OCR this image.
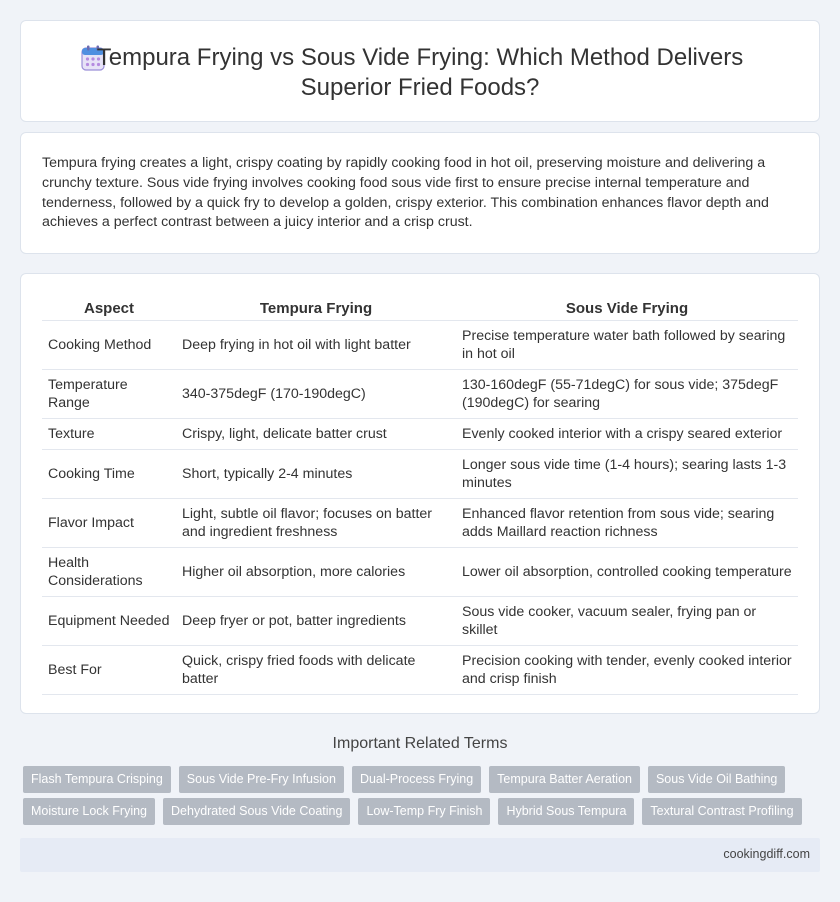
Tempura Frying vs Sous Vide Frying: Which Method Delivers Superior Fried Foods?

Tempura frying creates a light, crispy coating by rapidly cooking food in hot oil, preserving moisture and delivering a crunchy texture. Sous vide frying involves cooking food sous vide first to ensure precise internal temperature and tenderness, followed by a quick fry to develop a golden, crispy exterior. This combination enhances flavor depth and achieves a perfect contrast between a juicy interior and a crisp crust.

Aspect	Tempura Frying	Sous Vide Frying
Cooking Method	Deep frying in hot oil with light batter	Precise temperature water bath followed by searing in hot oil
Temperature Range	340-375degF (170-190degC)	130-160degF (55-71degC) for sous vide; 375degF (190degC) for searing
Texture	Crispy, light, delicate batter crust	Evenly cooked interior with a crispy seared exterior
Cooking Time	Short, typically 2-4 minutes	Longer sous vide time (1-4 hours); searing lasts 1-3 minutes
Flavor Impact	Light, subtle oil flavor; focuses on batter and ingredient freshness	Enhanced flavor retention from sous vide; searing adds Maillard reaction richness
Health Considerations	Higher oil absorption, more calories	Lower oil absorption, controlled cooking temperature
Equipment Needed	Deep fryer or pot, batter ingredients	Sous vide cooker, vacuum sealer, frying pan or skillet
Best For	Quick, crispy fried foods with delicate batter	Precision cooking with tender, evenly cooked interior and crisp finish
Important Related Terms
Flash Tempura Crisping	Sous Vide Pre-Fry Infusion	Dual-Process Frying	Tempura Batter Aeration	Sous Vide Oil Bathing
Moisture Lock Frying	Dehydrated Sous Vide Coating	Low-Temp Fry Finish	Hybrid Sous Tempura	Textural Contrast Profiling
cookingdiff.com
